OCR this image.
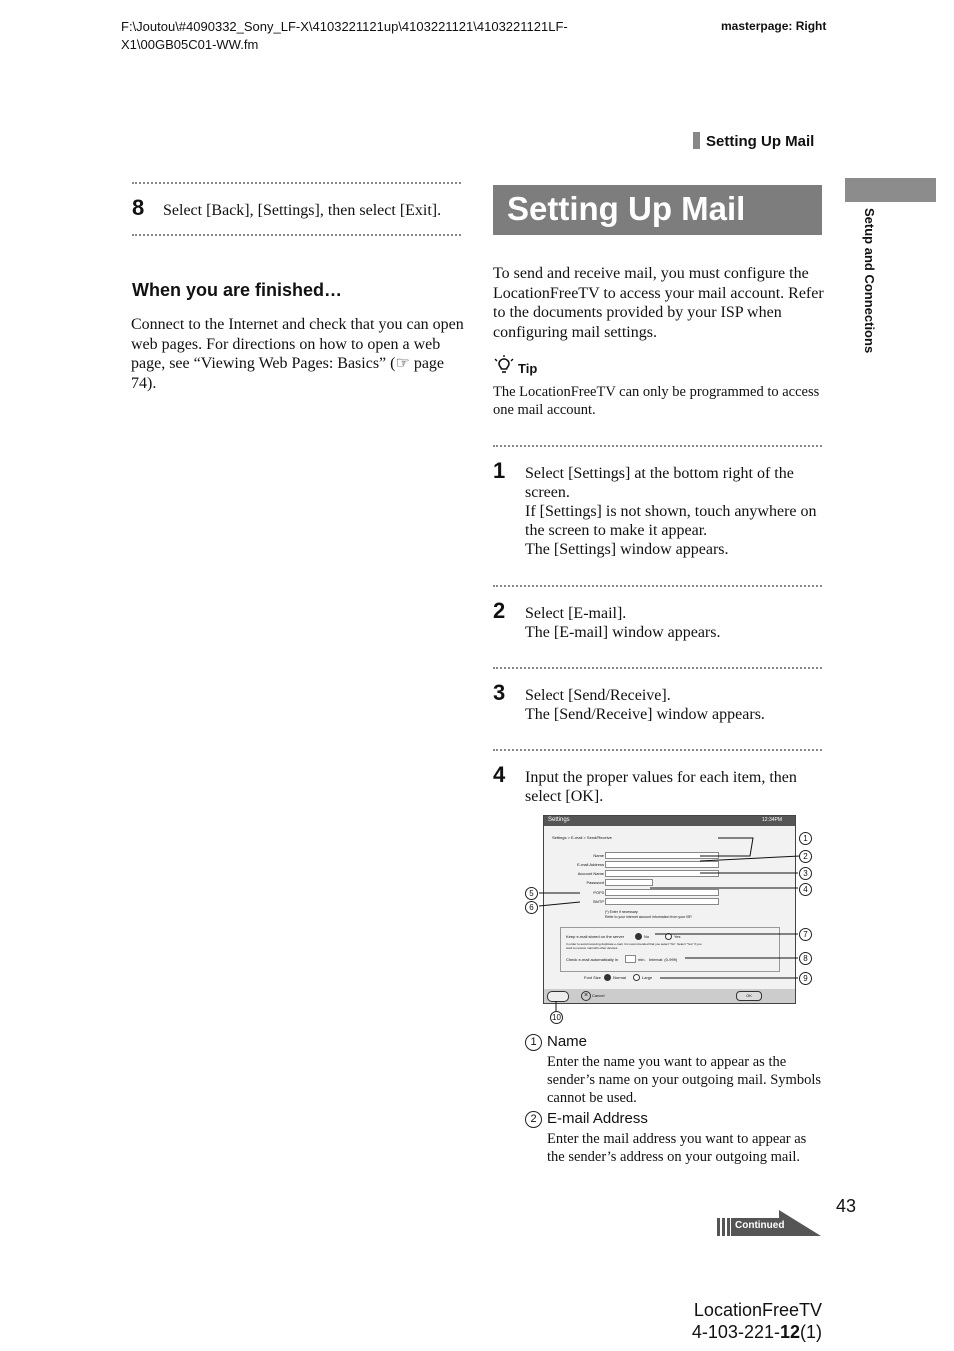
F:\Joutou\#4090332_Sony_LF-X\4103221121up\4103221121\4103221121LF-X1\00GB05C01-WW.fm
masterpage: Right
Setting Up Mail
Setup and Connections
8 Select [Back], [Settings], then select [Exit].
When you are finished…
Connect to the Internet and check that you can open web pages. For directions on how to open a web page, see “Viewing Web Pages: Basics” (☞ page 74).
Setting Up Mail
To send and receive mail, you must configure the LocationFreeTV to access your mail account. Refer to the documents provided by your ISP when configuring mail settings.
Tip
The LocationFreeTV can only be programmed to access one mail account.
1 Select [Settings] at the bottom right of the screen.
If [Settings] is not shown, touch anywhere on the screen to make it appear.
The [Settings] window appears.
2 Select [E-mail].
The [E-mail] window appears.
3 Select [Send/Receive].
The [Send/Receive] window appears.
4 Input the proper values for each item, then select [OK].
Settings	12:34PM
Settings > E-mail > Send/Receive
Name
E-mail Address
Account Name
Password
POP3
SMTP
(*) Enter if necessary.
Refer to your internet account information from your ISP.
Keep e-mail stored on the server	No	Yes
In order to avoid receiving duplicate e-mail, it is recommended that you select "No". Select "Yes" if you want to receive mail with other devices.
Check e-mail automatically in	min. Interval: (0-999)
Font Size	Normal	Large
× Cancel	OK
1
2
3
4
5
6
7
8
9
10
1 Name
Enter the name you want to appear as the sender’s name on your outgoing mail. Symbols cannot be used.
2 E-mail Address
Enter the mail address you want to appear as the sender’s address on your outgoing mail.
43
Continued
LocationFreeTV
4-103-221-12(1)
